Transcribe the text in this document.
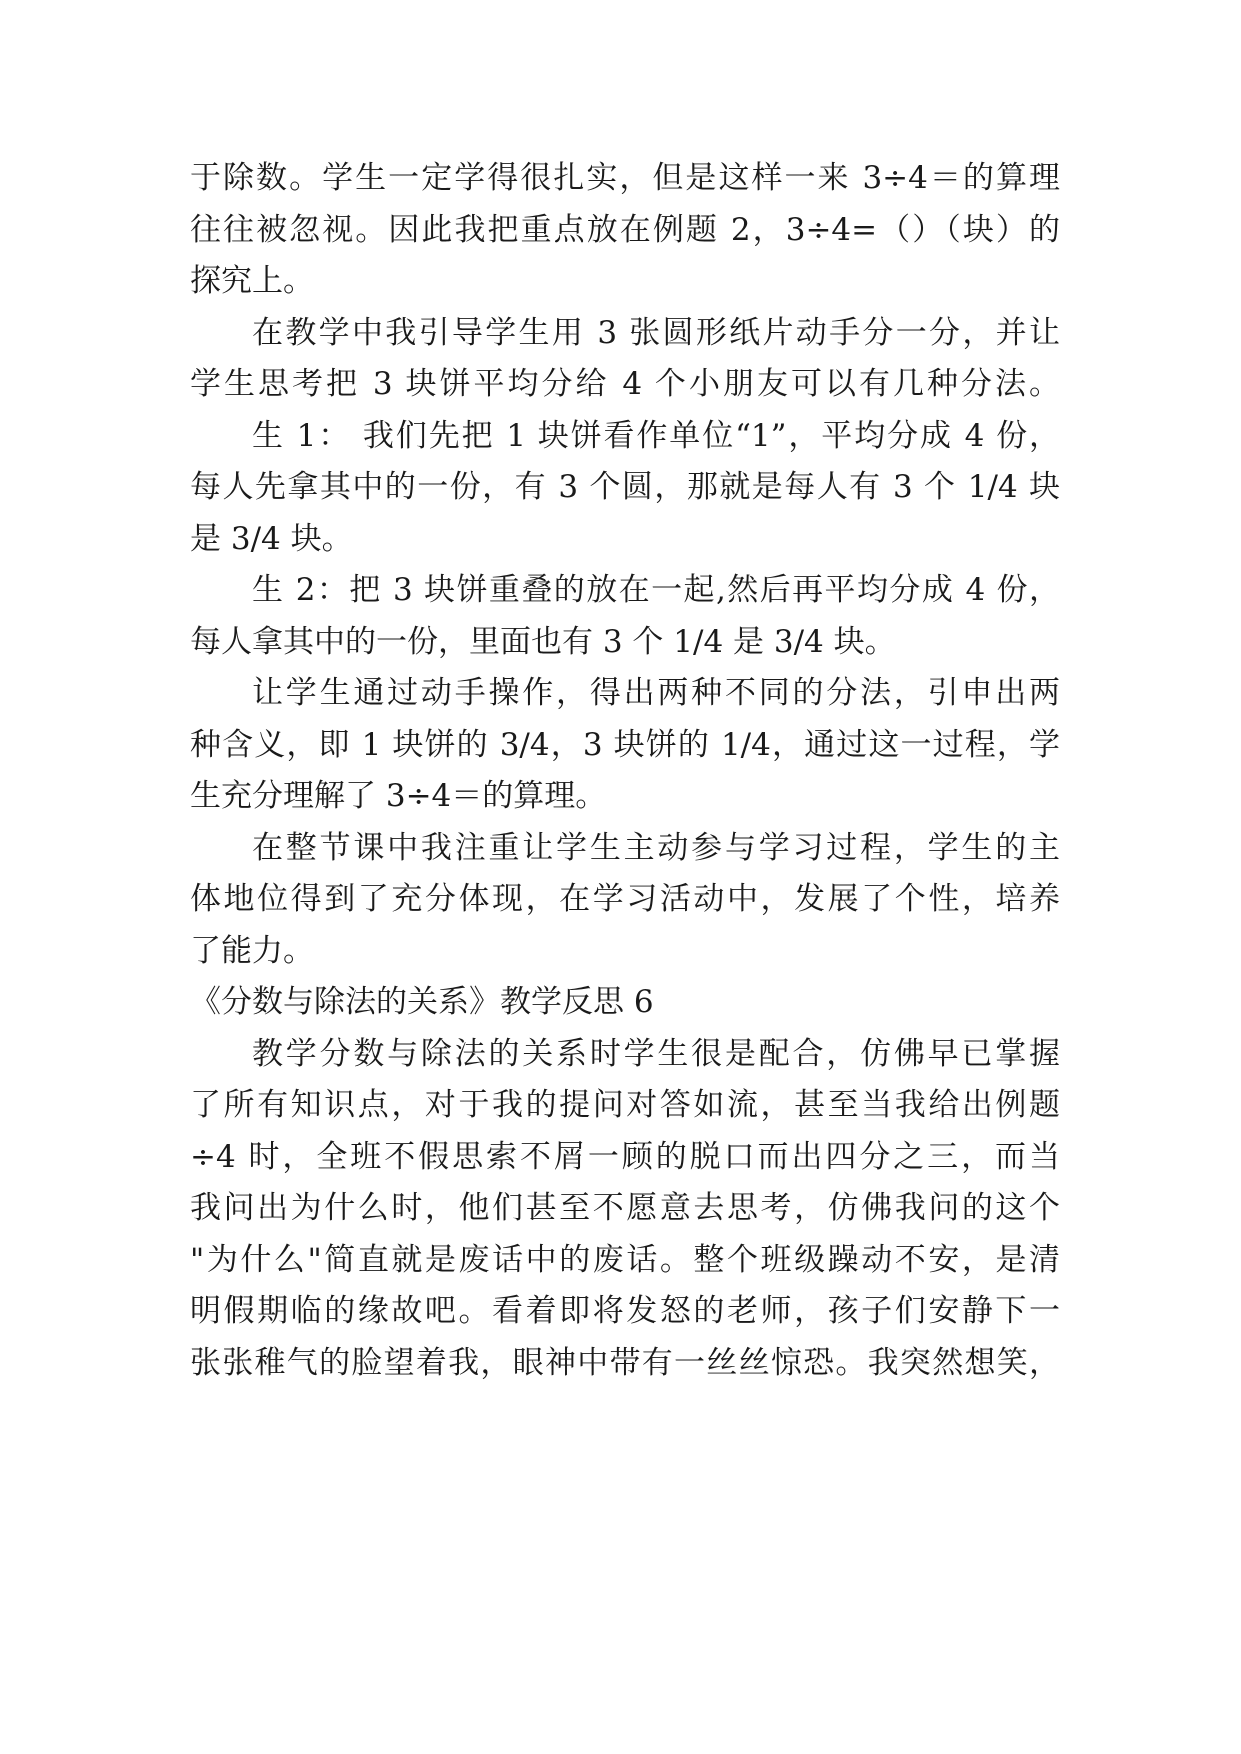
于除数。学生一定学得很扎实，但是这样一来 3÷4＝的算理
往往被忽视。因此我把重点放在例题 2，3÷4=（）（块）的
探究上。
在教学中我引导学生用 3 张圆形纸片动手分一分，并让
学生思考把 3 块饼平均分给 4 个小朋友可以有几种分法。
生 1： 我们先把 1 块饼看作单位“1”，平均分成 4 份，
每人先拿其中的一份，有 3 个圆，那就是每人有 3 个 1/4 块
是 3/4 块。
生 2：把 3 块饼重叠的放在一起,然后再平均分成 4 份，
每人拿其中的一份，里面也有 3 个 1/4 是 3/4 块。
让学生通过动手操作，得出两种不同的分法，引申出两
种含义，即 1 块饼的 3/4，3 块饼的 1/4，通过这一过程，学
生充分理解了 3÷4＝的算理。
在整节课中我注重让学生主动参与学习过程，学生的主
体地位得到了充分体现，在学习活动中，发展了个性，培养
了能力。
《分数与除法的关系》教学反思 6
教学分数与除法的关系时学生很是配合，仿佛早已掌握
了所有知识点，对于我的提问对答如流，甚至当我给出例题
÷4 时，全班不假思索不屑一顾的脱口而出四分之三，而当
我问出为什么时，他们甚至不愿意去思考，仿佛我问的这个
"为什么"简直就是废话中的废话。整个班级躁动不安，是清
明假期临的缘故吧。看着即将发怒的老师，孩子们安静下一
张张稚气的脸望着我，眼神中带有一丝丝惊恐。我突然想笑，
